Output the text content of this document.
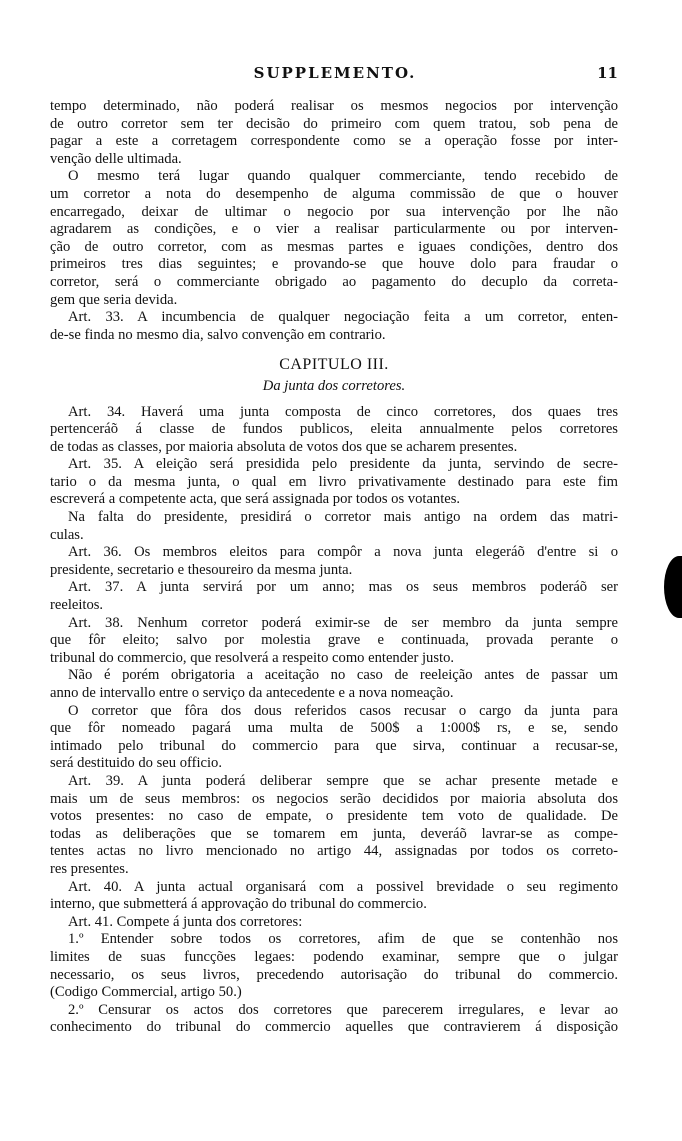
SUPPLEMENTO.	11
tempo determinado, não poderá realisar os mesmos negocios por intervenção
de outro corretor sem ter decisão do primeiro com quem tratou, sob pena de
pagar a este a corretagem correspondente como se a operação fosse por inter-
venção delle ultimada.
O mesmo terá lugar quando qualquer commerciante, tendo recebido de
um corretor a nota do desempenho de alguma commissão de que o houver
encarregado, deixar de ultimar o negocio por sua intervenção por lhe não
agradarem as condições, e o vier a realisar particularmente ou por interven-
ção de outro corretor, com as mesmas partes e iguaes condições, dentro dos
primeiros tres dias seguintes; e provando-se que houve dolo para fraudar o
corretor, será o commerciante obrigado ao pagamento do decuplo da correta-
gem que seria devida.
Art. 33. A incumbencia de qualquer negociação feita a um corretor, enten-
de-se finda no mesmo dia, salvo convenção em contrario.
CAPITULO III.
Da junta dos corretores.
Art. 34. Haverá uma junta composta de cinco corretores, dos quaes tres
pertenceráõ á classe de fundos publicos, eleita annualmente pelos corretores
de todas as classes, por maioria absoluta de votos dos que se acharem presentes.
Art. 35. A eleição será presidida pelo presidente da junta, servindo de secre-
tario o da mesma junta, o qual em livro privativamente destinado para este fim
escreverá a competente acta, que será assignada por todos os votantes.
Na falta do presidente, presidirá o corretor mais antigo na ordem das matri-
culas.
Art. 36. Os membros eleitos para compôr a nova junta elegeráõ d'entre si o
presidente, secretario e thesoureiro da mesma junta.
Art. 37. A junta servirá por um anno; mas os seus membros poderáõ ser
reeleitos.
Art. 38. Nenhum corretor poderá eximir-se de ser membro da junta sempre
que fôr eleito; salvo por molestia grave e continuada, provada perante o
tribunal do commercio, que resolverá a respeito como entender justo.
Não é porém obrigatoria a aceitação no caso de reeleição antes de passar um
anno de intervallo entre o serviço da antecedente e a nova nomeação.
O corretor que fôra dos dous referidos casos recusar o cargo da junta para
que fôr nomeado pagará uma multa de 500$ a 1:000$ rs, e se, sendo
intimado pelo tribunal do commercio para que sirva, continuar a recusar-se,
será destituido do seu officio.
Art. 39. A junta poderá deliberar sempre que se achar presente metade e
mais um de seus membros: os negocios serão decididos por maioria absoluta dos
votos presentes: no caso de empate, o presidente tem voto de qualidade. De
todas as deliberações que se tomarem em junta, deveráõ lavrar-se as compe-
tentes actas no livro mencionado no artigo 44, assignadas por todos os correto-
res presentes.
Art. 40. A junta actual organisará com a possivel brevidade o seu regimento
interno, que submetterá á approvação do tribunal do commercio.
Art. 41. Compete á junta dos corretores:
1.º Entender sobre todos os corretores, afim de que se contenhão nos
limites de suas funcções legaes: podendo examinar, sempre que o julgar
necessario, os seus livros, precedendo autorisação do tribunal do commercio.
(Codigo Commercial, artigo 50.)
2.º Censurar os actos dos corretores que parecerem irregulares, e levar ao
conhecimento do tribunal do commercio aquelles que contravierem á disposição
